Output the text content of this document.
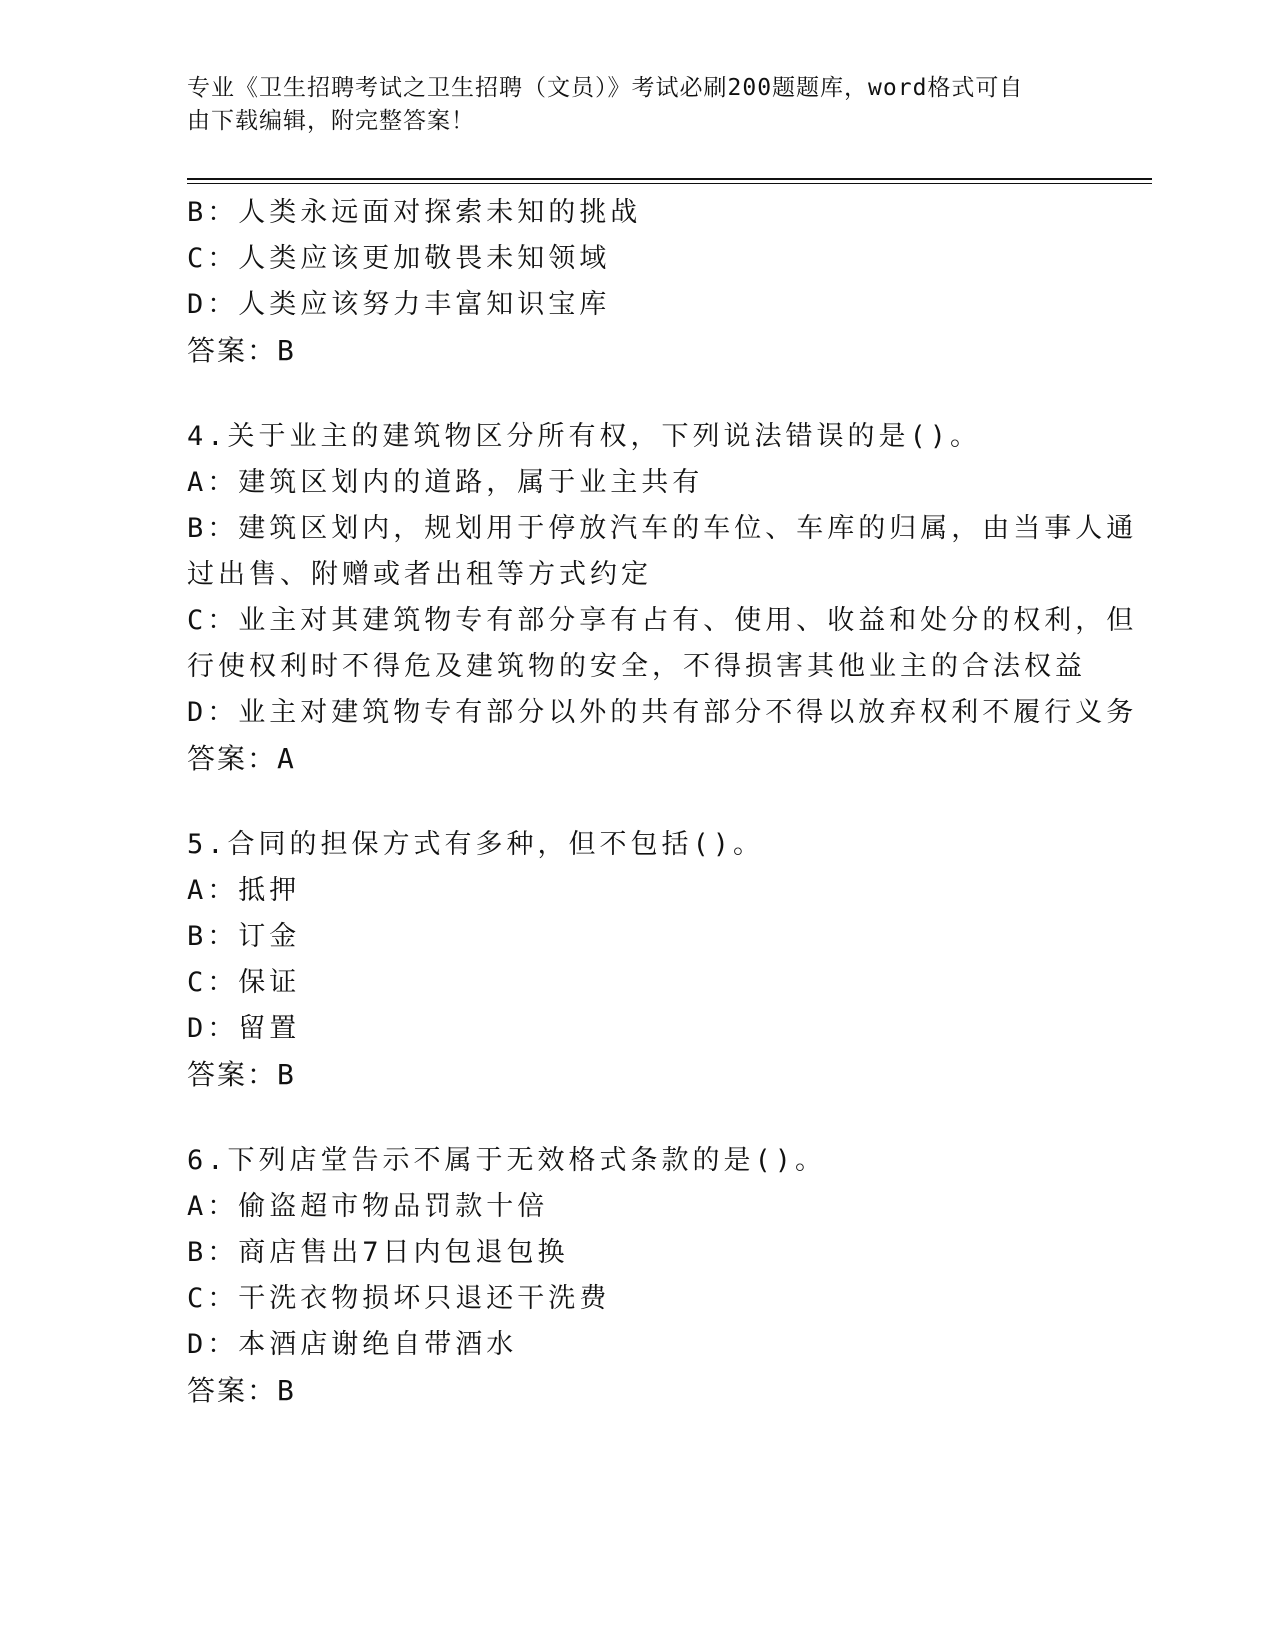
专业《卫生招聘考试之卫生招聘（文员）》考试必刷200题题库，word格式可自
由下载编辑，附完整答案！
B：人类永远面对探索未知的挑战
C：人类应该更加敬畏未知领域
D：人类应该努力丰富知识宝库
答案：B
4.关于业主的建筑物区分所有权，下列说法错误的是()。
A：建筑区划内的道路，属于业主共有
B：建筑区划内，规划用于停放汽车的车位、车库的归属，由当事人通
过出售、附赠或者出租等方式约定
C：业主对其建筑物专有部分享有占有、使用、收益和处分的权利，但
行使权利时不得危及建筑物的安全，不得损害其他业主的合法权益
D：业主对建筑物专有部分以外的共有部分不得以放弃权利不履行义务
答案：A
5.合同的担保方式有多种，但不包括()。
A：抵押
B：订金
C：保证
D：留置
答案：B
6.下列店堂告示不属于无效格式条款的是()。
A：偷盗超市物品罚款十倍
B：商店售出7日内包退包换
C：干洗衣物损坏只退还干洗费
D：本酒店谢绝自带酒水
答案：B
